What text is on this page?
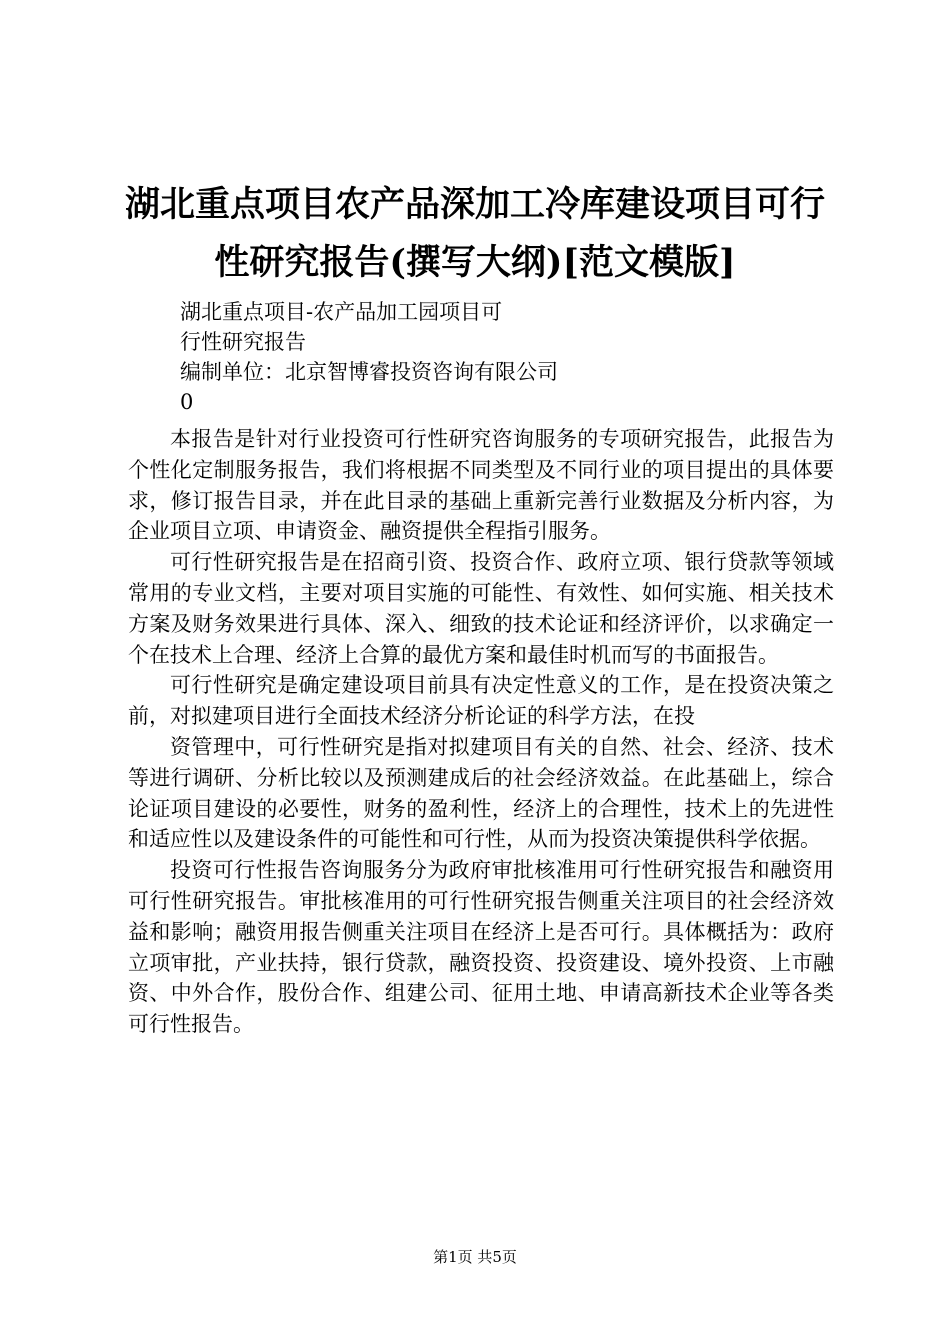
湖北重点项目农产品深加工冷库建设项目可行
性研究报告(撰写大纲)[范文模版]
湖北重点项目-农产品加工园项目可
行性研究报告
编制单位：北京智博睿投资咨询有限公司
0

本报告是针对行业投资可行性研究咨询服务的专项研究报告，此报告为个性化定制服务报告，我们将根据不同类型及不同行业的项目提出的具体要求，修订报告目录，并在此目录的基础上重新完善行业数据及分析内容，为企业项目立项、申请资金、融资提供全程指引服务。

可行性研究报告是在招商引资、投资合作、政府立项、银行贷款等领域常用的专业文档，主要对项目实施的可能性、有效性、如何实施、相关技术方案及财务效果进行具体、深入、细致的技术论证和经济评价，以求确定一个在技术上合理、经济上合算的最优方案和最佳时机而写的书面报告。

可行性研究是确定建设项目前具有决定性意义的工作，是在投资决策之前，对拟建项目进行全面技术经济分析论证的科学方法，在投

资管理中，可行性研究是指对拟建项目有关的自然、社会、经济、技术等进行调研、分析比较以及预测建成后的社会经济效益。在此基础上，综合论证项目建设的必要性，财务的盈利性，经济上的合理性，技术上的先进性和适应性以及建设条件的可能性和可行性，从而为投资决策提供科学依据。

投资可行性报告咨询服务分为政府审批核准用可行性研究报告和融资用可行性研究报告。审批核准用的可行性研究报告侧重关注项目的社会经济效益和影响；融资用报告侧重关注项目在经济上是否可行。具体概括为：政府立项审批，产业扶持，银行贷款，融资投资、投资建设、境外投资、上市融资、中外合作，股份合作、组建公司、征用土地、申请高新技术企业等各类可行性报告。

第1页 共5页
